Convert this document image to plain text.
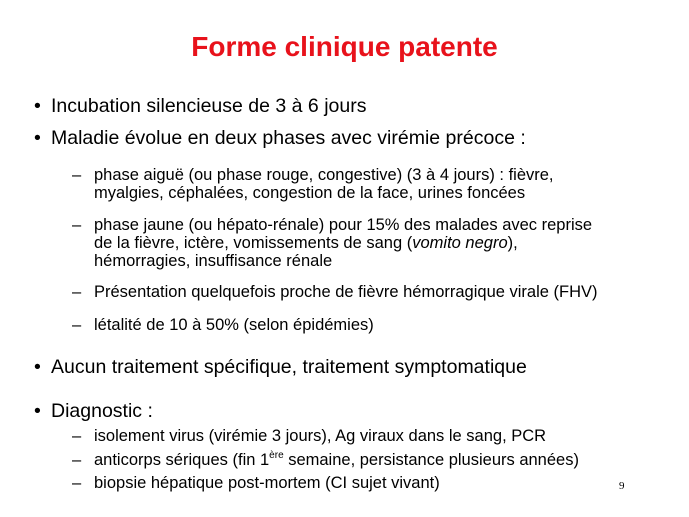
Forme clinique patente
• Incubation silencieuse de 3 à 6 jours
• Maladie évolue en deux phases avec virémie précoce :
– phase aiguë (ou phase rouge, congestive) (3 à 4 jours) : fièvre,
myalgies, céphalées, congestion de la face, urines foncées
– phase jaune (ou hépato-rénale) pour 15% des malades avec reprise
de la fièvre, ictère, vomissements de sang (vomito negro),
hémorragies, insuffisance rénale
– Présentation quelquefois proche de fièvre hémorragique virale (FHV)
– létalité de 10 à 50% (selon épidémies)
• Aucun traitement spécifique, traitement symptomatique
• Diagnostic :
– isolement virus (virémie 3 jours), Ag viraux dans le sang, PCR
– anticorps sériques (fin 1ère semaine, persistance plusieurs années)
– biopsie hépatique post-mortem (CI sujet vivant)	9
